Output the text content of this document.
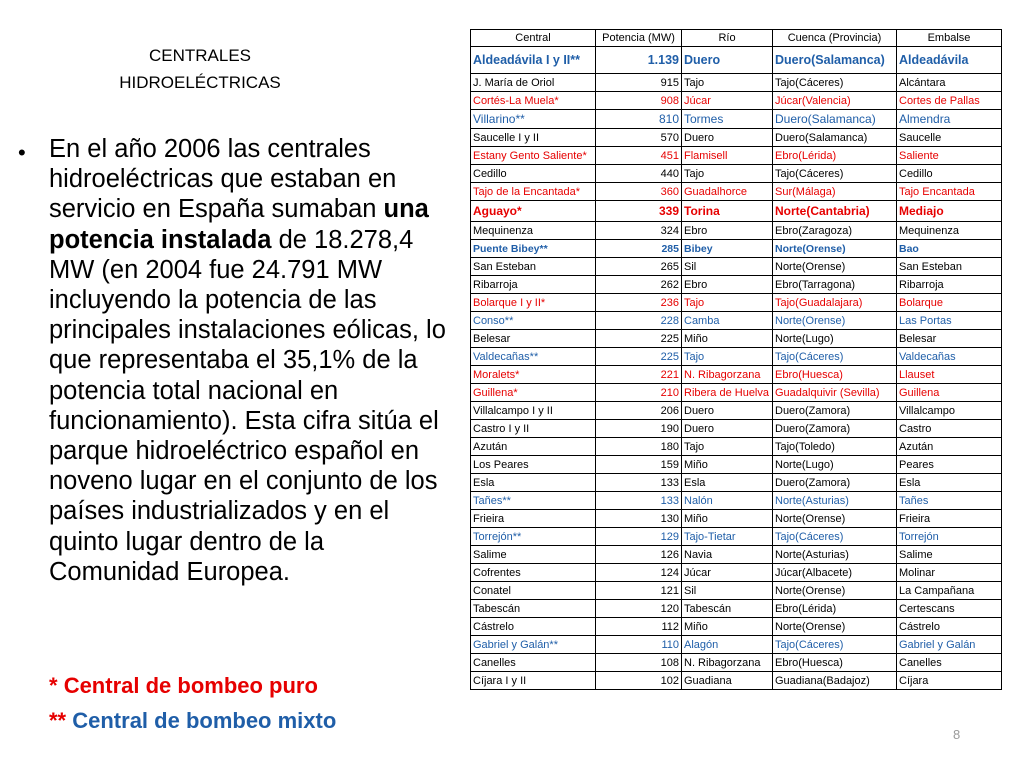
CENTRALES
HIDROELÉCTRICAS
• En el año 2006 las centrales hidroeléctricas que estaban en servicio en España sumaban una potencia instalada de 18.278,4 MW (en 2004 fue 24.791 MW incluyendo la potencia de las principales instalaciones eólicas, lo que representaba el 35,1% de la potencia total nacional en funcionamiento). Esta cifra sitúa el parque hidroeléctrico español en noveno lugar en el conjunto de los países industrializados y en el quinto lugar dentro de la Comunidad Europea.
* Central de bombeo puro
** Central de bombeo mixto
8
Central	Potencia (MW)	Río	Cuenca (Provincia)	Embalse
Aldeadávila I y II**	1.139	Duero	Duero(Salamanca)	Aldeadávila
J. María de Oriol	915	Tajo	Tajo(Cáceres)	Alcántara
Cortés-La Muela*	908	Júcar	Júcar(Valencia)	Cortes de Pallas
Villarino**	810	Tormes	Duero(Salamanca)	Almendra
Saucelle I y II	570	Duero	Duero(Salamanca)	Saucelle
Estany Gento Saliente*	451	Flamisell	Ebro(Lérida)	Saliente
Cedillo	440	Tajo	Tajo(Cáceres)	Cedillo
Tajo de la Encantada*	360	Guadalhorce	Sur(Málaga)	Tajo Encantada
Aguayo*	339	Torina	Norte(Cantabria)	Mediajo
Mequinenza	324	Ebro	Ebro(Zaragoza)	Mequinenza
Puente Bibey**	285	Bibey	Norte(Orense)	Bao
San Esteban	265	Sil	Norte(Orense)	San Esteban
Ribarroja	262	Ebro	Ebro(Tarragona)	Ribarroja
Bolarque I y II*	236	Tajo	Tajo(Guadalajara)	Bolarque
Conso**	228	Camba	Norte(Orense)	Las Portas
Belesar	225	Miño	Norte(Lugo)	Belesar
Valdecañas**	225	Tajo	Tajo(Cáceres)	Valdecañas
Moralets*	221	N. Ribagorzana	Ebro(Huesca)	Llauset
Guillena*	210	Ribera de Huelva	Guadalquivir (Sevilla)	Guillena
Villalcampo I y II	206	Duero	Duero(Zamora)	Villalcampo
Castro I y II	190	Duero	Duero(Zamora)	Castro
Azután	180	Tajo	Tajo(Toledo)	Azután
Los Peares	159	Miño	Norte(Lugo)	Peares
Esla	133	Esla	Duero(Zamora)	Esla
Tañes**	133	Nalón	Norte(Asturias)	Tañes
Frieira	130	Miño	Norte(Orense)	Frieira
Torrejón**	129	Tajo-Tietar	Tajo(Cáceres)	Torrejón
Salime	126	Navia	Norte(Asturias)	Salime
Cofrentes	124	Júcar	Júcar(Albacete)	Molinar
Conatel	121	Sil	Norte(Orense)	La Campañana
Tabescán	120	Tabescán	Ebro(Lérida)	Certescans
Cástrelo	112	Miño	Norte(Orense)	Cástrelo
Gabriel y Galán**	110	Alagón	Tajo(Cáceres)	Gabriel y Galán
Canelles	108	N. Ribagorzana	Ebro(Huesca)	Canelles
Cíjara I y II	102	Guadiana	Guadiana(Badajoz)	Cíjara
